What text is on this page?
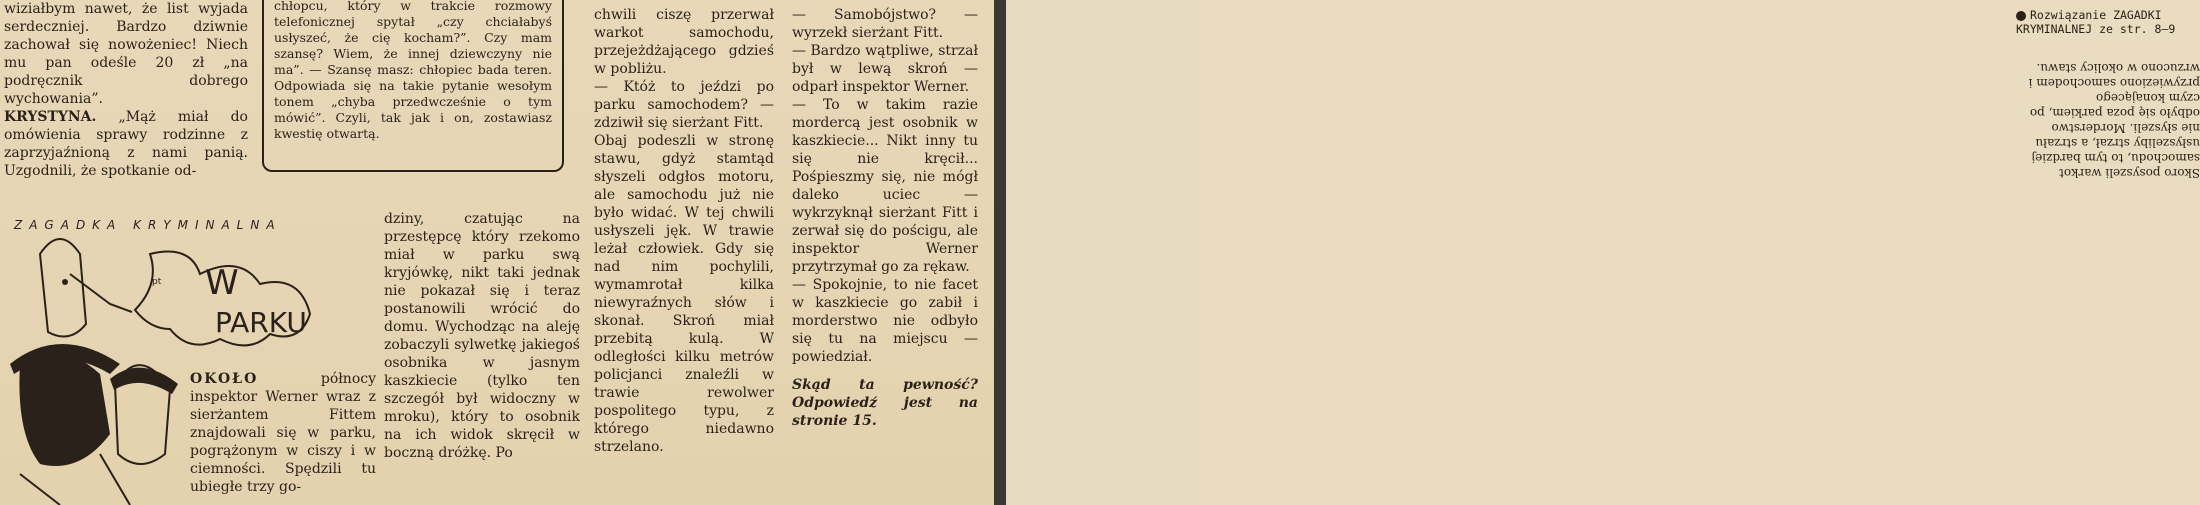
wiziałbym nawet, że list wyjada serdeczniej. Bardzo dziwnie zachował się nowożeniec! Niech mu pan odeśle 20 zł „na podręcznik dobrego wychowania”.

KRYSTYNA. „Mąż miał do omówienia sprawy rodzinne z zaprzyjaźnioną z nami panią. Uzgodnili, że spotkanie od-

chłopcu, który w trakcie rozmowy telefonicznej spytał „czy chciałabyś usłyszeć, że cię kocham?”. Czy mam szansę? Wiem, że innej dziewczyny nie ma”. — Szansę masz: chłopiec bada teren. Odpowiada się na takie pytanie wesołym tonem „chyba przedwcześnie o tym mówić”. Czyli, tak jak i on, zostawiasz kwestię otwartą.

chwili ciszę przerwał warkot samochodu, przejeżdżającego gdzieś w pobliżu.

— Któż to jeździ po parku samochodem? — zdziwił się sierżant Fitt.

Obaj podeszli w stronę stawu, gdyż stamtąd słyszeli odgłos motoru, ale samochodu już nie było widać. W tej chwili usłyszeli jęk. W trawie leżał człowiek. Gdy się nad nim pochylili, wymamrotał kilka niewyraźnych słów i skonał. Skroń miał przebitą kulą. W odległości kilku metrów policjanci znaleźli w trawie rewolwer pospolitego typu, z którego niedawno strzelano.

— Samobójstwo? — wyrzekł sierżant Fitt.

— Bardzo wątpliwe, strzał był w lewą skroń — odparł inspektor Werner.

— To w takim razie mordercą jest osobnik w kaszkiecie... Nikt inny tu się nie kręcił... Pośpieszmy się, nie mógł daleko uciec — wykrzyknął sierżant Fitt i zerwał się do pościgu, ale inspektor Werner przytrzymał go za rękaw.

— Spokojnie, to nie facet w kaszkiecie go zabił i morderstwo nie odbyło się tu na miejscu — powiedział.

Skąd ta pewność? Odpowiedź jest na stronie 15.

dziny, czatując na przestępcę który rzekomo miał w parku swą kryjówkę, nikt taki jednak nie pokazał się i teraz postanowili wrócić do domu. Wychodząc na aleję zobaczyli sylwetkę jakiegoś osobnika w jasnym kaszkiecie (tylko ten szczegół był widoczny w mroku), który to osobnik na ich widok skręcił w boczną dróżkę. Po
W
PARKU
pt
ZAGADKA KRYMINALNA

OKOŁO północy inspektor Werner wraz z sierżantem Fittem znajdowali się w parku, pogrążonym w ciszy i w ciemności. Spędzili tu ubiegłe trzy go-

Rozwiązanie ZAGADKI KRYMINALNEJ ze str. 8—9
Skoro posyszeli warkot samochodu, to tym bardziej usłyszeliby strzał, a strzału nie słyszeli. Morderstwo odbyło się poza parkiem, po czym konającego przywieziono samochodem i wrzucono w okolicy stawu.
